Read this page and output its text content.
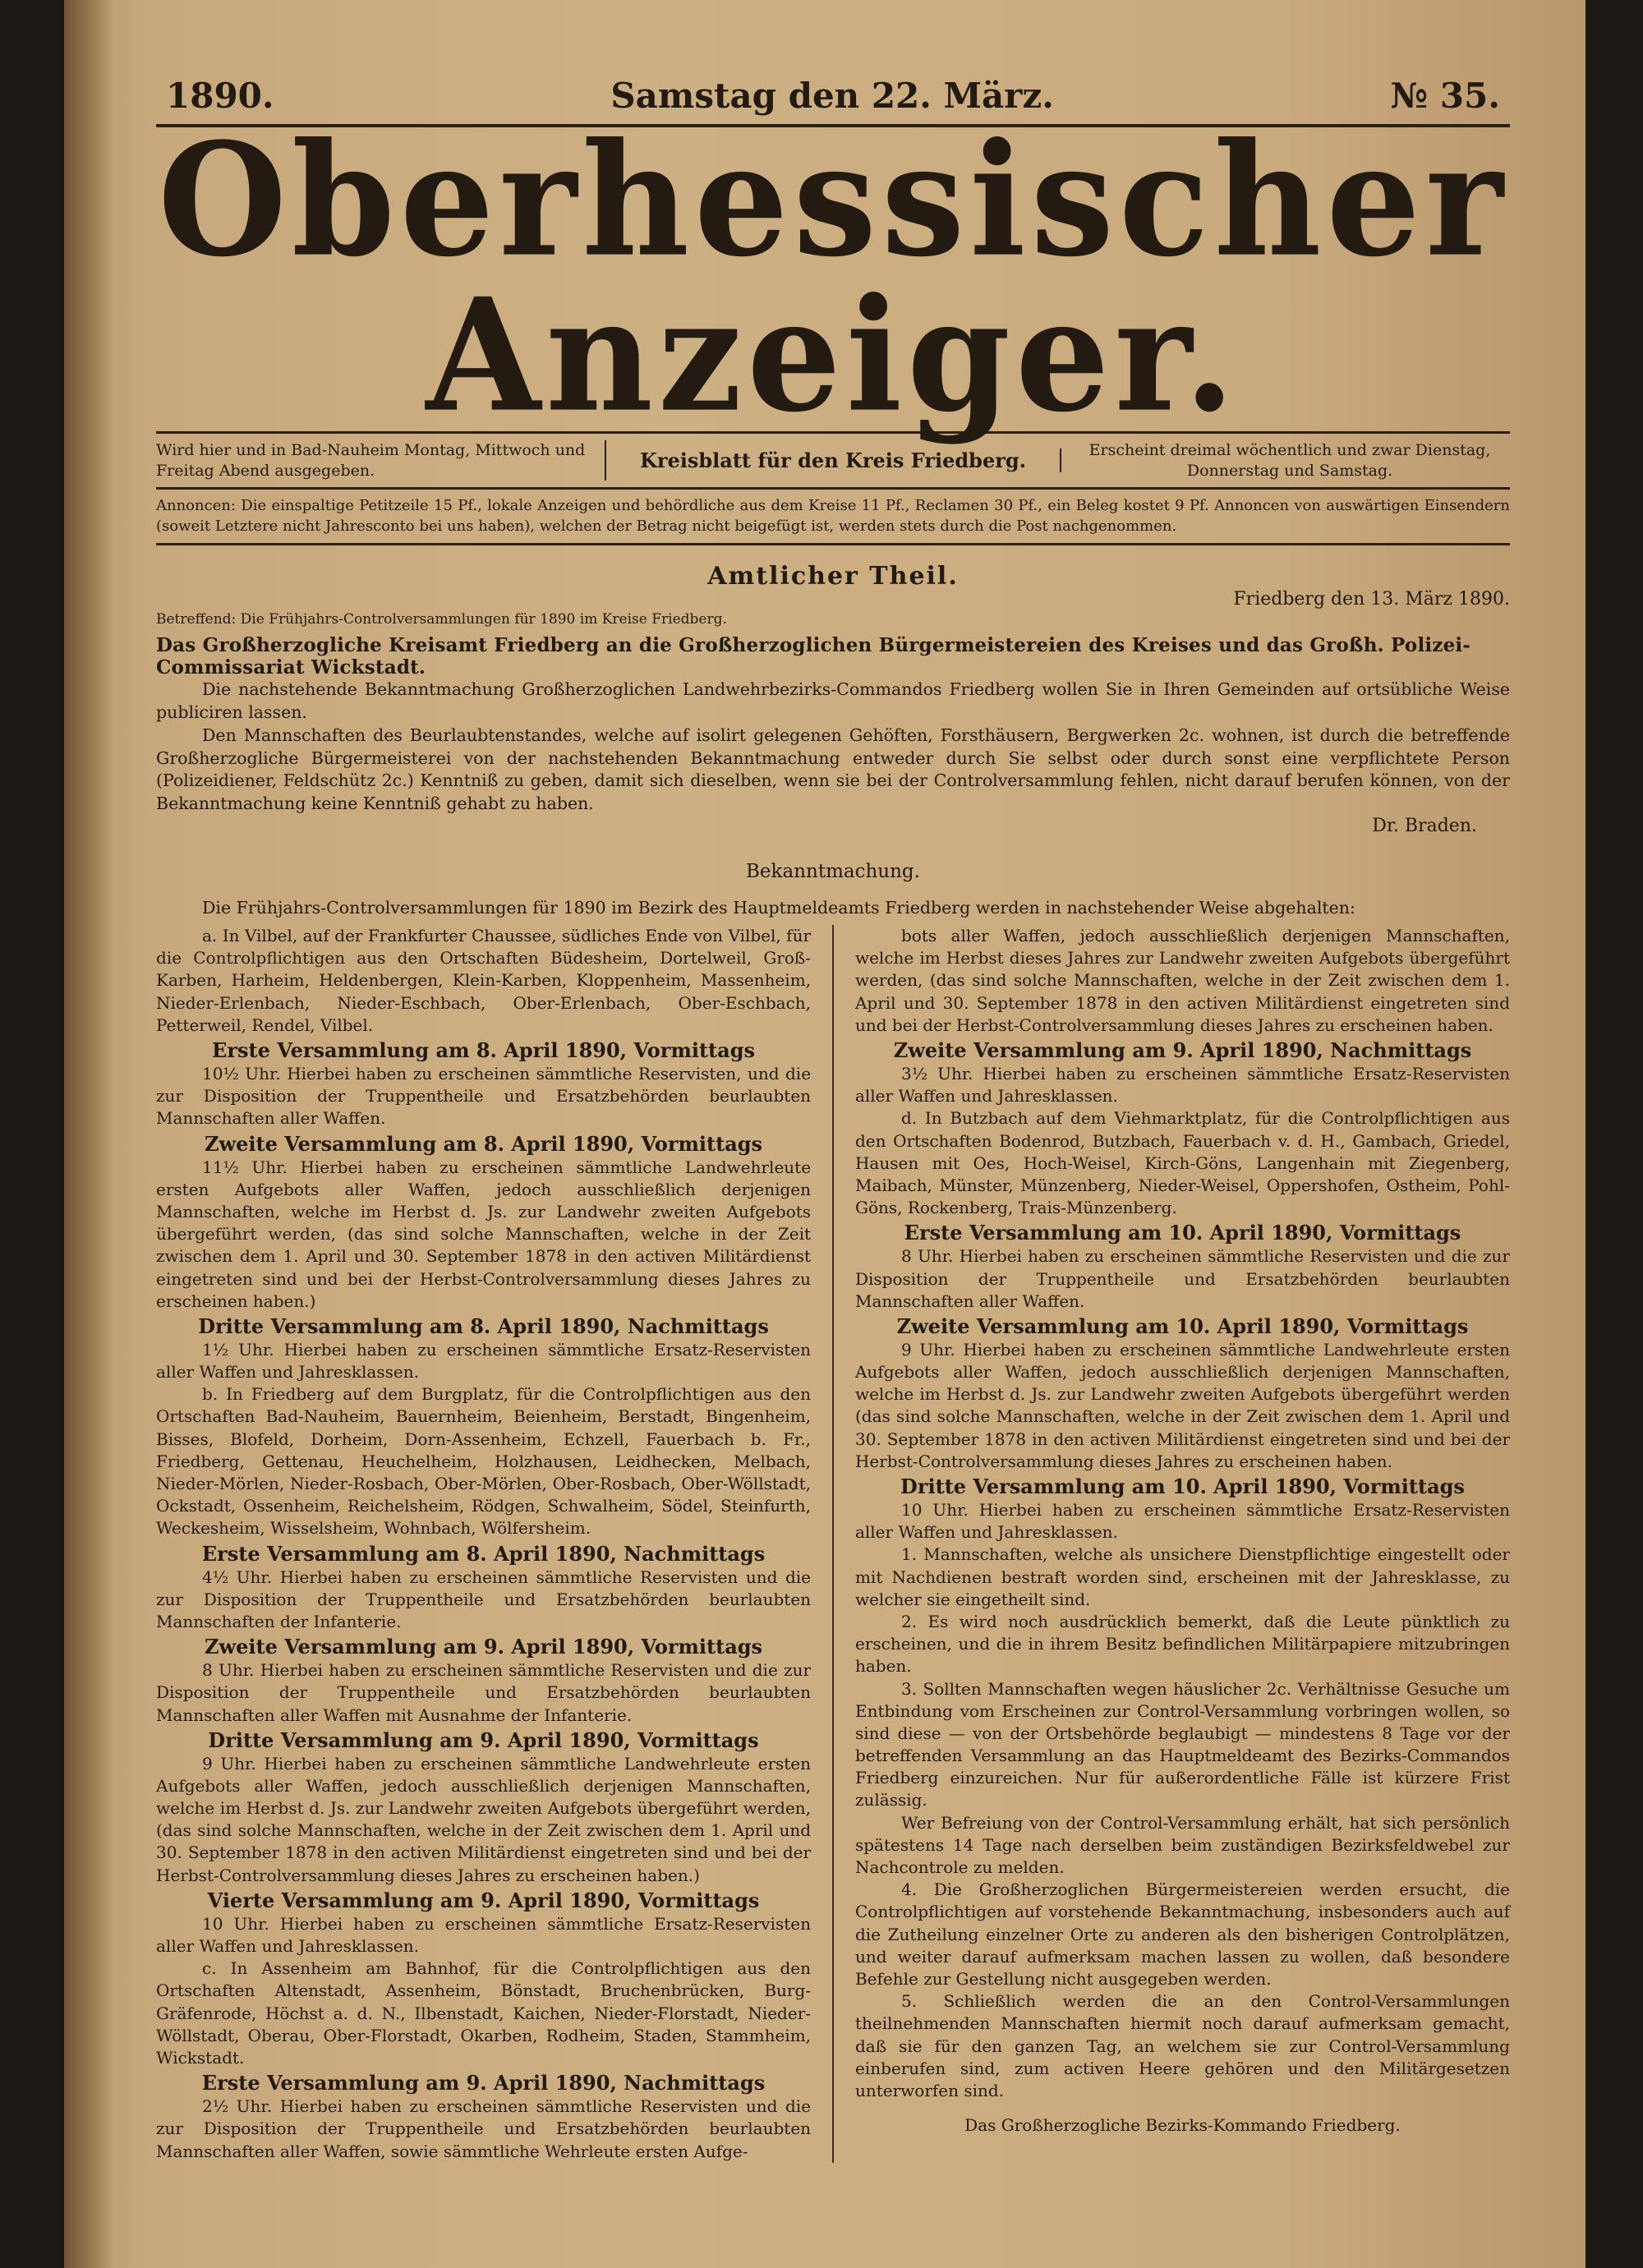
1890.	Samstag den 22. März.	№ 35.
Oberhessischer Anzeiger.
Wird hier und in Bad-Nauheim Montag, Mittwoch und Freitag Abend ausgegeben.	Kreisblatt für den Kreis Friedberg.	Erscheint dreimal wöchentlich und zwar Dienstag, Donnerstag und Samstag.
Annoncen: Die einspaltige Petitzeile 15 Pf., lokale Anzeigen und behördliche aus dem Kreise 11 Pf., Reclamen 30 Pf., ein Beleg kostet 9 Pf. Annoncen von auswärtigen Einsendern (soweit Letztere nicht Jahresconto bei uns haben), welchen der Betrag nicht beigefügt ist, werden stets durch die Post nachgenommen.
Amtlicher Theil.
Friedberg den 13. März 1890.
Betreffend: Die Frühjahrs-Controlversammlungen für 1890 im Kreise Friedberg.
Das Großherzogliche Kreisamt Friedberg an die Großherzoglichen Bürgermeistereien des Kreises und das Großh. Polizei-Commissariat Wickstadt.

Die nachstehende Bekanntmachung Großherzoglichen Landwehrbezirks-Commandos Friedberg wollen Sie in Ihren Gemeinden auf ortsübliche Weise publiciren lassen.

Den Mannschaften des Beurlaubtenstandes, welche auf isolirt gelegenen Gehöften, Forsthäusern, Bergwerken 2c. wohnen, ist durch die betreffende Großherzogliche Bürgermeisterei von der nachstehenden Bekanntmachung entweder durch Sie selbst oder durch sonst eine verpflichtete Person (Polizeidiener, Feldschütz 2c.) Kenntniß zu geben, damit sich dieselben, wenn sie bei der Controlversammlung fehlen, nicht darauf berufen können, von der Bekanntmachung keine Kenntniß gehabt zu haben.

Dr. Braden.
Bekanntmachung.

Die Frühjahrs-Controlversammlungen für 1890 im Bezirk des Hauptmeldeamts Friedberg werden in nachstehender Weise abgehalten:

a. In Vilbel, auf der Frankfurter Chaussee, südliches Ende von Vilbel, für die Controlpflichtigen aus den Ortschaften Büdesheim, Dortelweil, Groß-Karben, Harheim, Heldenbergen, Klein-Karben, Kloppenheim, Massenheim, Nieder-Erlenbach, Nieder-Eschbach, Ober-Erlenbach, Ober-Eschbach, Petterweil, Rendel, Vilbel.

Erste Versammlung am 8. April 1890, Vormittags

10½ Uhr. Hierbei haben zu erscheinen sämmtliche Reservisten, und die zur Disposition der Truppentheile und Ersatzbehörden beurlaubten Mannschaften aller Waffen.

Zweite Versammlung am 8. April 1890, Vormittags

11½ Uhr. Hierbei haben zu erscheinen sämmtliche Landwehrleute ersten Aufgebots aller Waffen, jedoch ausschließlich derjenigen Mannschaften, welche im Herbst d. Js. zur Landwehr zweiten Aufgebots übergeführt werden, (das sind solche Mannschaften, welche in der Zeit zwischen dem 1. April und 30. September 1878 in den activen Militärdienst eingetreten sind und bei der Herbst-Controlversammlung dieses Jahres zu erscheinen haben.)

Dritte Versammlung am 8. April 1890, Nachmittags

1½ Uhr. Hierbei haben zu erscheinen sämmtliche Ersatz-Reservisten aller Waffen und Jahresklassen.

b. In Friedberg auf dem Burgplatz, für die Controlpflichtigen aus den Ortschaften Bad-Nauheim, Bauernheim, Beienheim, Berstadt, Bingenheim, Bisses, Blofeld, Dorheim, Dorn-Assenheim, Echzell, Fauerbach b. Fr., Friedberg, Gettenau, Heuchelheim, Holzhausen, Leidhecken, Melbach, Nieder-Mörlen, Nieder-Rosbach, Ober-Mörlen, Ober-Rosbach, Ober-Wöllstadt, Ockstadt, Ossenheim, Reichelsheim, Rödgen, Schwalheim, Södel, Steinfurth, Weckesheim, Wisselsheim, Wohnbach, Wölfersheim.

Erste Versammlung am 8. April 1890, Nachmittags

4½ Uhr. Hierbei haben zu erscheinen sämmtliche Reservisten und die zur Disposition der Truppentheile und Ersatzbehörden beurlaubten Mannschaften der Infanterie.

Zweite Versammlung am 9. April 1890, Vormittags

8 Uhr. Hierbei haben zu erscheinen sämmtliche Reservisten und die zur Disposition der Truppentheile und Ersatzbehörden beurlaubten Mannschaften aller Waffen mit Ausnahme der Infanterie.

Dritte Versammlung am 9. April 1890, Vormittags

9 Uhr. Hierbei haben zu erscheinen sämmtliche Landwehrleute ersten Aufgebots aller Waffen, jedoch ausschließlich derjenigen Mannschaften, welche im Herbst d. Js. zur Landwehr zweiten Aufgebots übergeführt werden, (das sind solche Mannschaften, welche in der Zeit zwischen dem 1. April und 30. September 1878 in den activen Militärdienst eingetreten sind und bei der Herbst-Controlversammlung dieses Jahres zu erscheinen haben.)

Vierte Versammlung am 9. April 1890, Vormittags

10 Uhr. Hierbei haben zu erscheinen sämmtliche Ersatz-Reservisten aller Waffen und Jahresklassen.

c. In Assenheim am Bahnhof, für die Controlpflichtigen aus den Ortschaften Altenstadt, Assenheim, Bönstadt, Bruchenbrücken, Burg-Gräfenrode, Höchst a. d. N., Ilbenstadt, Kaichen, Nieder-Florstadt, Nieder-Wöllstadt, Oberau, Ober-Florstadt, Okarben, Rodheim, Staden, Stammheim, Wickstadt.

Erste Versammlung am 9. April 1890, Nachmittags

2½ Uhr. Hierbei haben zu erscheinen sämmtliche Reservisten und die zur Disposition der Truppentheile und Ersatzbehörden beurlaubten Mannschaften aller Waffen, sowie sämmtliche Wehrleute ersten Aufge-

bots aller Waffen, jedoch ausschließlich derjenigen Mannschaften, welche im Herbst dieses Jahres zur Landwehr zweiten Aufgebots übergeführt werden, (das sind solche Mannschaften, welche in der Zeit zwischen dem 1. April und 30. September 1878 in den activen Militärdienst eingetreten sind und bei der Herbst-Controlversammlung dieses Jahres zu erscheinen haben.

Zweite Versammlung am 9. April 1890, Nachmittags

3½ Uhr. Hierbei haben zu erscheinen sämmtliche Ersatz-Reservisten aller Waffen und Jahresklassen.

d. In Butzbach auf dem Viehmarktplatz, für die Controlpflichtigen aus den Ortschaften Bodenrod, Butzbach, Fauerbach v. d. H., Gambach, Griedel, Hausen mit Oes, Hoch-Weisel, Kirch-Göns, Langenhain mit Ziegenberg, Maibach, Münster, Münzenberg, Nieder-Weisel, Oppershofen, Ostheim, Pohl-Göns, Rockenberg, Trais-Münzenberg.

Erste Versammlung am 10. April 1890, Vormittags

8 Uhr. Hierbei haben zu erscheinen sämmtliche Reservisten und die zur Disposition der Truppentheile und Ersatzbehörden beurlaubten Mannschaften aller Waffen.

Zweite Versammlung am 10. April 1890, Vormittags

9 Uhr. Hierbei haben zu erscheinen sämmtliche Landwehrleute ersten Aufgebots aller Waffen, jedoch ausschließlich derjenigen Mannschaften, welche im Herbst d. Js. zur Landwehr zweiten Aufgebots übergeführt werden (das sind solche Mannschaften, welche in der Zeit zwischen dem 1. April und 30. September 1878 in den activen Militärdienst eingetreten sind und bei der Herbst-Controlversammlung dieses Jahres zu erscheinen haben.

Dritte Versammlung am 10. April 1890, Vormittags

10 Uhr. Hierbei haben zu erscheinen sämmtliche Ersatz-Reservisten aller Waffen und Jahresklassen.

1. Mannschaften, welche als unsichere Dienstpflichtige eingestellt oder mit Nachdienen bestraft worden sind, erscheinen mit der Jahresklasse, zu welcher sie eingetheilt sind.

2. Es wird noch ausdrücklich bemerkt, daß die Leute pünktlich zu erscheinen, und die in ihrem Besitz befindlichen Militärpapiere mitzubringen haben.

3. Sollten Mannschaften wegen häuslicher 2c. Verhältnisse Gesuche um Entbindung vom Erscheinen zur Control-Versammlung vorbringen wollen, so sind diese — von der Ortsbehörde beglaubigt — mindestens 8 Tage vor der betreffenden Versammlung an das Hauptmeldeamt des Bezirks-Commandos Friedberg einzureichen. Nur für außerordentliche Fälle ist kürzere Frist zulässig.

Wer Befreiung von der Control-Versammlung erhält, hat sich persönlich spätestens 14 Tage nach derselben beim zuständigen Bezirksfeldwebel zur Nachcontrole zu melden.

4. Die Großherzoglichen Bürgermeistereien werden ersucht, die Controlpflichtigen auf vorstehende Bekanntmachung, insbesonders auch auf die Zutheilung einzelner Orte zu anderen als den bisherigen Controlplätzen, und weiter darauf aufmerksam machen lassen zu wollen, daß besondere Befehle zur Gestellung nicht ausgegeben werden.

5. Schließlich werden die an den Control-Versammlungen theilnehmenden Mannschaften hiermit noch darauf aufmerksam gemacht, daß sie für den ganzen Tag, an welchem sie zur Control-Versammlung einberufen sind, zum activen Heere gehören und den Militärgesetzen unterworfen sind.

Das Großherzogliche Bezirks-Kommando Friedberg.
